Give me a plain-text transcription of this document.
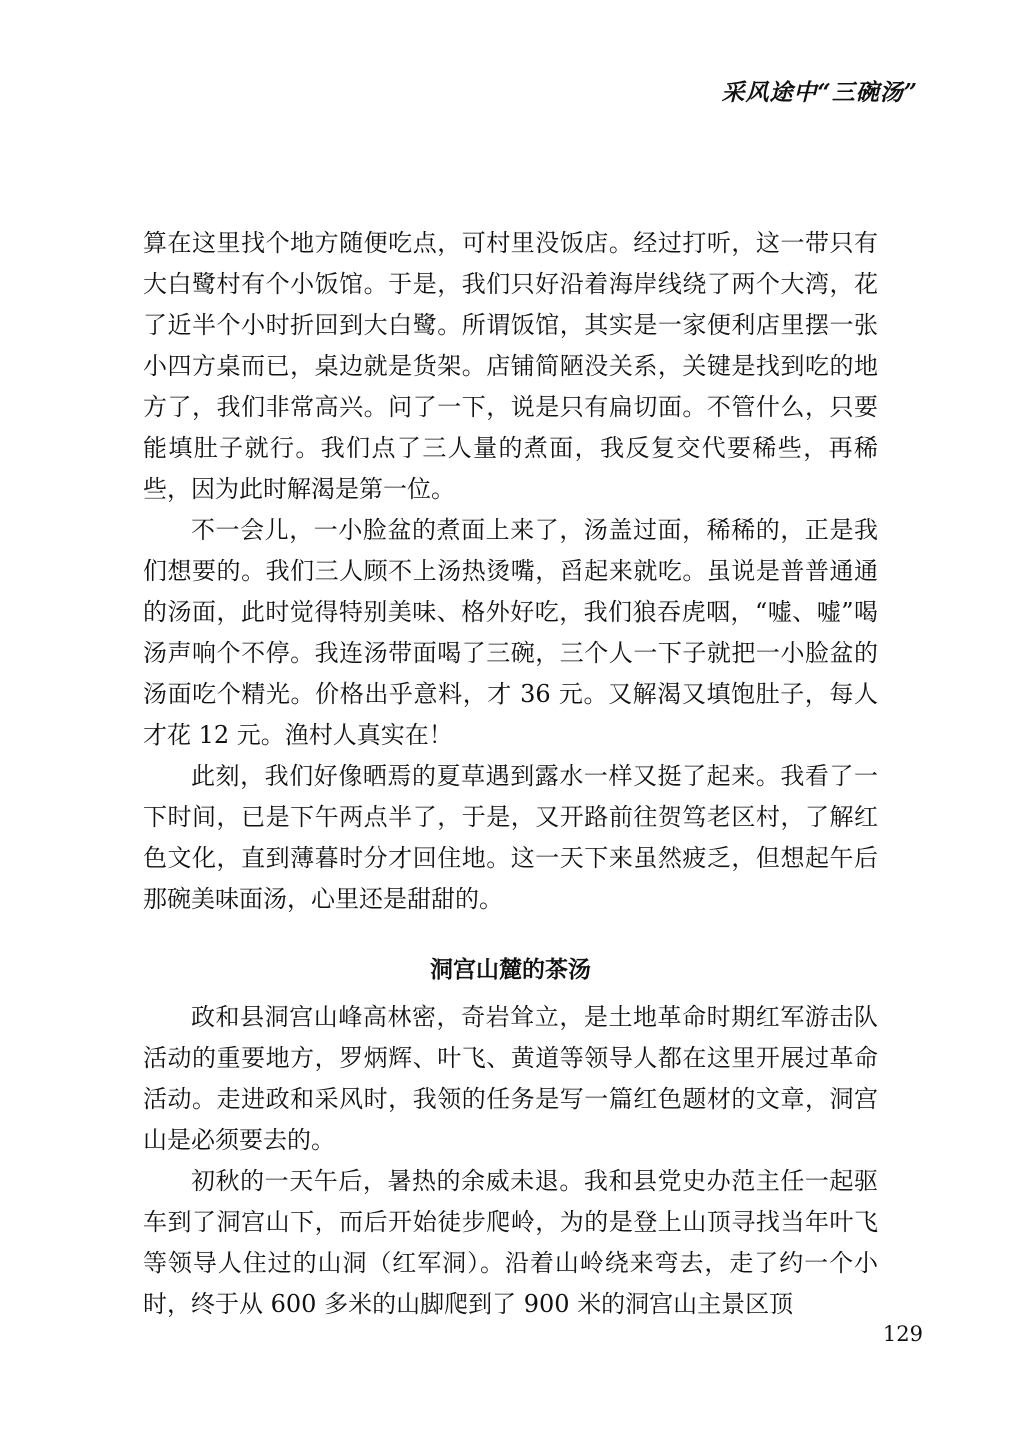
采风途中“三碗汤”

算在这里找个地方随便吃点，可村里没饭店。经过打听，这一带只有大白鹭村有个小饭馆。于是，我们只好沿着海岸线绕了两个大湾，花了近半个小时折回到大白鹭。所谓饭馆，其实是一家便利店里摆一张小四方桌而已，桌边就是货架。店铺简陋没关系，关键是找到吃的地方了，我们非常高兴。问了一下，说是只有扁切面。不管什么，只要能填肚子就行。我们点了三人量的煮面，我反复交代要稀些，再稀些，因为此时解渴是第一位。

不一会儿，一小脸盆的煮面上来了，汤盖过面，稀稀的，正是我们想要的。我们三人顾不上汤热烫嘴，舀起来就吃。虽说是普普通通的汤面，此时觉得特别美味、格外好吃，我们狼吞虎咽，“嘘、嘘”喝汤声响个不停。我连汤带面喝了三碗，三个人一下子就把一小脸盆的汤面吃个精光。价格出乎意料，才 36 元。又解渴又填饱肚子，每人才花 12 元。渔村人真实在！

此刻，我们好像晒焉的夏草遇到露水一样又挺了起来。我看了一下时间，已是下午两点半了，于是，又开路前往贺笃老区村，了解红色文化，直到薄暮时分才回住地。这一天下来虽然疲乏，但想起午后那碗美味面汤，心里还是甜甜的。

洞宫山麓的茶汤

政和县洞宫山峰高林密，奇岩耸立，是土地革命时期红军游击队活动的重要地方，罗炳辉、叶飞、黄道等领导人都在这里开展过革命活动。走进政和采风时，我领的任务是写一篇红色题材的文章，洞宫山是必须要去的。

初秋的一天午后，暑热的余威未退。我和县党史办范主任一起驱车到了洞宫山下，而后开始徒步爬岭，为的是登上山顶寻找当年叶飞等领导人住过的山洞（红军洞）。沿着山岭绕来弯去，走了约一个小时，终于从 600 多米的山脚爬到了 900 米的洞宫山主景区顶

129
